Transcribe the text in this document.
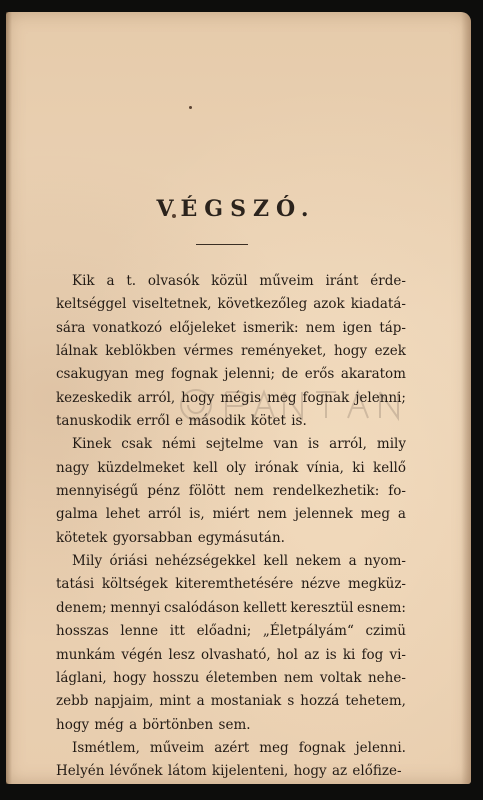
VÉGSZÓ.
Kik a t. olvasók közül műveim iránt érde-
keltséggel viseltetnek, következőleg azok kiadatá-
sára vonatkozó előjeleket ismerik: nem igen táp-
lálnak keblökben vérmes reményeket, hogy ezek
csakugyan meg fognak jelenni; de erős akaratom
kezeskedik arról, hogy mégis meg fognak jelenni;
tanuskodik erről e második kötet is.
Kinek csak némi sejtelme van is arról, mily
nagy küzdelmeket kell oly irónak vínia, ki kellő
mennyiségű pénz fölött nem rendelkezhetik: fo-
galma lehet arról is, miért nem jelennek meg a
kötetek gyorsabban egymásután.
Mily óriási nehézségekkel kell nekem a nyom-
tatási költségek kiteremthetésére nézve megküz-
denem; mennyi csalódáson kellett keresztül esnem:
hosszas lenne itt előadni; „Életpályám“ czimü
munkám végén lesz olvasható, hol az is ki fog vi-
láglani, hogy hosszu életemben nem voltak nehe-
zebb napjaim, mint a mostaniak s hozzá tehetem,
hogy még a börtönben sem.
Ismétlem, műveim azért meg fognak jelenni.
Helyén lévőnek látom kijelenteni, hogy az előfize-
